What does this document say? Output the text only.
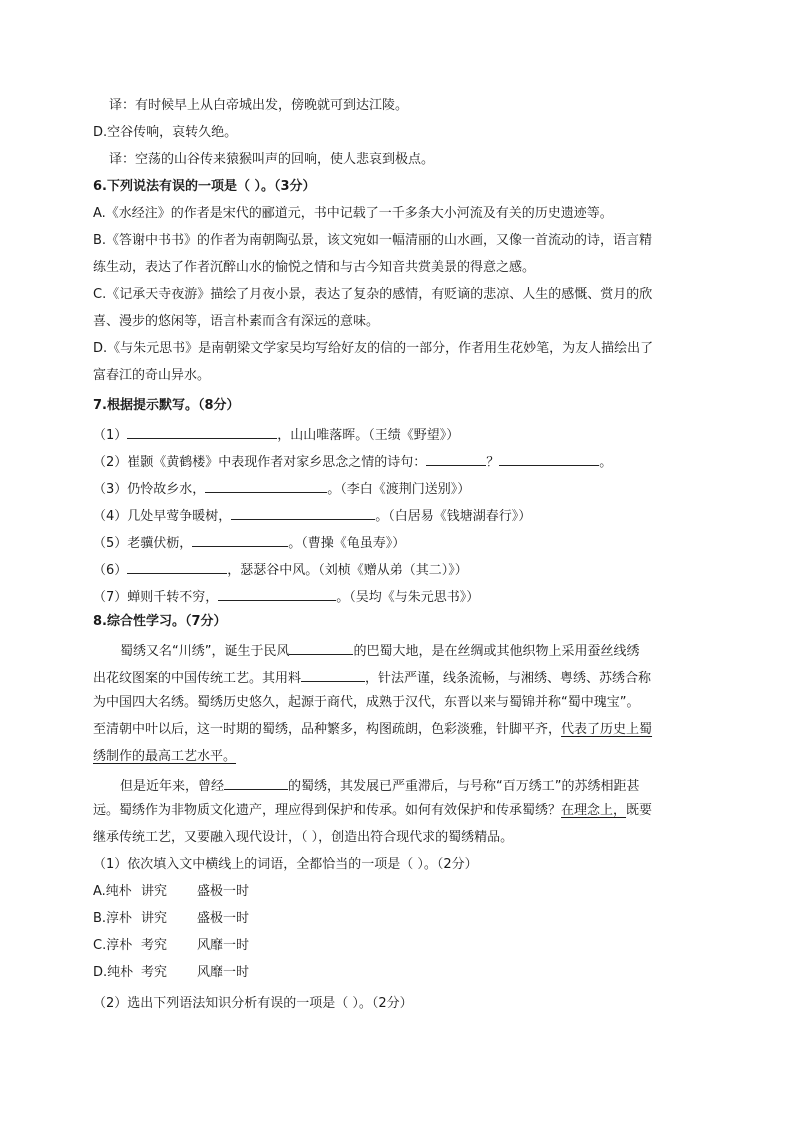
译：有时候早上从白帝城出发，傍晚就可到达江陵。
D.空谷传响，哀转久绝。
译：空荡的山谷传来猿猴叫声的回响，使人悲哀到极点。
6.下列说法有误的一项是（ ）。（3分）
A.《水经注》的作者是宋代的郦道元，书中记载了一千多条大小河流及有关的历史遗迹等。
B.《答谢中书书》的作者为南朝陶弘景，该文宛如一幅清丽的山水画，又像一首流动的诗，语言精
练生动，表达了作者沉醉山水的愉悦之情和与古今知音共赏美景的得意之感。
C.《记承天寺夜游》描绘了月夜小景，表达了复杂的感情，有贬谪的悲凉、人生的感慨、赏月的欣
喜、漫步的悠闲等，语言朴素而含有深远的意味。
D.《与朱元思书》是南朝梁文学家吴均写给好友的信的一部分，作者用生花妙笔，为友人描绘出了
富春江的奇山异水。
7.根据提示默写。（8分）
（1）	，山山唯落晖。（王绩《野望》）
（2）崔颢《黄鹤楼》中表现作者对家乡思念之情的诗句：	？	。
（3）仍怜故乡水，	。（李白《渡荆门送别》）
（4）几处早莺争暖树，	。（白居易《钱塘湖春行》）
（5）老骥伏枥，	。（曹操《龟虽寿》）
（6）	，瑟瑟谷中风。（刘桢《赠从弟（其二）》）
（7）蝉则千转不穷，	。（吴均《与朱元思书》）
8.综合性学习。（7分）
蜀绣又名“川绣”，诞生于民风	的巴蜀大地，是在丝绸或其他织物上采用蚕丝线绣
出花纹图案的中国传统工艺。其用料	，针法严谨，线条流畅，与湘绣、粤绣、苏绣合称
为中国四大名绣。蜀绣历史悠久，起源于商代，成熟于汉代，东晋以来与蜀锦并称“蜀中瑰宝”。
至清朝中叶以后，这一时期的蜀绣，品种繁多，构图疏朗，色彩淡雅，针脚平齐，代表了历史上蜀
绣制作的最高工艺水平。
但是近年来，曾经	的蜀绣，其发展已严重滞后，与号称“百万绣工”的苏绣相距甚
远。蜀绣作为非物质文化遗产，理应得到保护和传承。如何有效保护和传承蜀绣？在理念上，既要
继承传统工艺，又要融入现代设计，（ ），创造出符合现代求的蜀绣精品。
（1）依次填入文中横线上的词语，全都恰当的一项是（ ）。（2分）
A.纯朴 讲究 盛极一时
B.淳朴 讲究 盛极一时
C.淳朴 考究 风靡一时
D.纯朴 考究 风靡一时
（2）选出下列语法知识分析有误的一项是（ ）。（2分）
